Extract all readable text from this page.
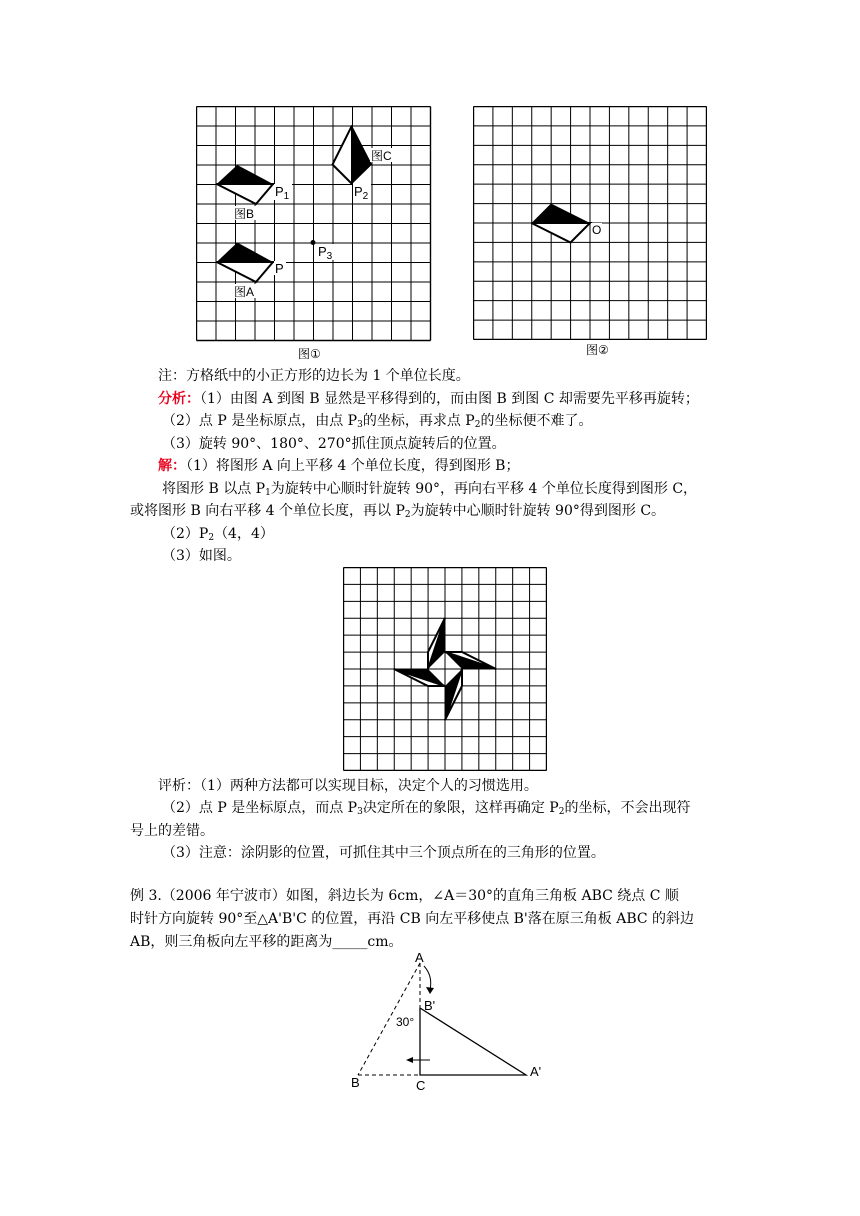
图A
图B
图C
P
$P_1$	$P_2$
$P_3$
图①
O
图②
注：方格纸中的小正方形的边长为 1 个单位长度。
分析：（1）由图 A 到图 B 显然是平移得到的，而由图 B 到图 C 却需要先平移再旋转；
（2）点 P 是坐标原点，由点 $P_3$的坐标，再求点 $P_2$的坐标便不难了。
（3）旋转 90°、180°、270°抓住顶点旋转后的位置。
解：（1）将图形 A 向上平移 4 个单位长度，得到图形 B；
将图形 B 以点 $P_1$为旋转中心顺时针旋转 90°，再向右平移 4 个单位长度得到图形 C，
或将图形 B 向右平移 4 个单位长度，再以 $P_2$为旋转中心顺时针旋转 90°得到图形 C。
$(2)P_2(4$，4）
（3）如图。
评析：（1）两种方法都可以实现目标，决定个人的习惯选用。
（2）点 P 是坐标原点，而点 $P_3$决定所在的象限，这样再确定 $P_2$的坐标，不会出现符
号上的差错。
（3）注意：涂阴影的位置，可抓住其中三个顶点所在的三角形的位置。
例 3.（2006 年宁波市）如图，斜边长为 6cm，∠A＝30°的直角三角板 ABC 绕点 C 顺
时针方向旋转 90°至△A'B'C 的位置，再沿 CB 向左平移使点 B'落在原三角板 ABC 的斜边
AB，则三角板向左平移的距离为_____cm。
A
B'
30°
B	C
A'
